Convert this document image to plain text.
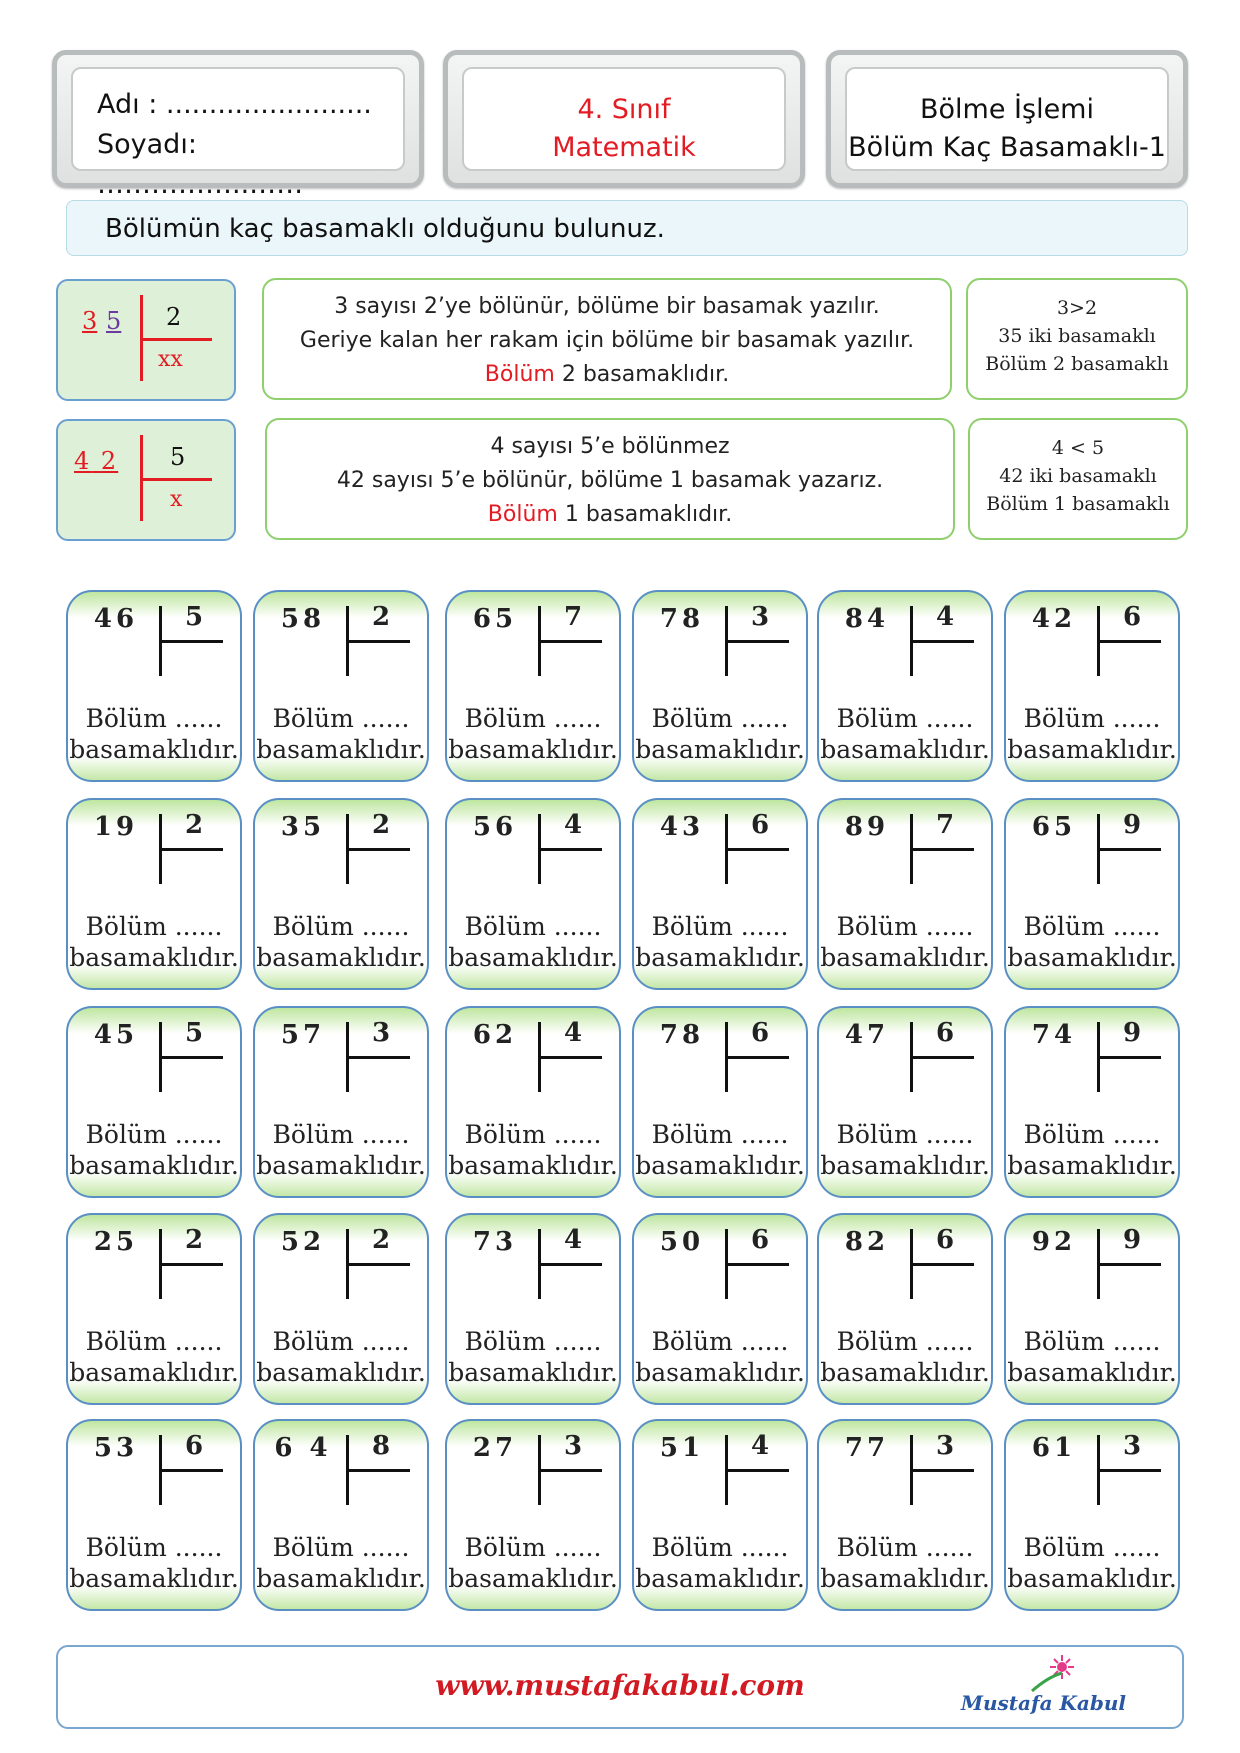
Adı : ........................
Soyadı: ……………..……
4. Sınıf
Matematik
Bölme İşlemi
Bölüm Kaç Basamaklı-1
Bölümün kaç basamaklı olduğunu bulunuz.
3 5 2
xx
3 sayısı 2’ye bölünür, bölüme bir basamak yazılır.
Geriye kalan her rakam için bölüme bir basamak yazılır.
Bölüm 2 basamaklıdır.
3>2
35 iki basamaklı
Bölüm 2 basamaklı
4 2 5
x
4 sayısı 5’e bölünmez
42 sayısı 5’e bölünür, bölüme 1 basamak yazarız.
Bölüm 1 basamaklıdır.
4 < 5
42 iki basamaklı
Bölüm 1 basamaklı
46	5
Bölüm ......
basamaklıdır.
58	2
Bölüm ......
basamaklıdır.
65	7
Bölüm ......
basamaklıdır.
78	3
Bölüm ......
basamaklıdır.
84	4
Bölüm ......
basamaklıdır.
42	6
Bölüm ......
basamaklıdır.
19	2
Bölüm ......
basamaklıdır.
35	2
Bölüm ......
basamaklıdır.
56	4
Bölüm ......
basamaklıdır.
43	6
Bölüm ......
basamaklıdır.
89	7
Bölüm ......
basamaklıdır.
65	9
Bölüm ......
basamaklıdır.
45	5
Bölüm ......
basamaklıdır.
57	3
Bölüm ......
basamaklıdır.
62	4
Bölüm ......
basamaklıdır.
78	6
Bölüm ......
basamaklıdır.
47	6
Bölüm ......
basamaklıdır.
74	9
Bölüm ......
basamaklıdır.
25	2
Bölüm ......
basamaklıdır.
52	2
Bölüm ......
basamaklıdır.
73	4
Bölüm ......
basamaklıdır.
50	6
Bölüm ......
basamaklıdır.
82	6
Bölüm ......
basamaklıdır.
92	9
Bölüm ......
basamaklıdır.
53	6
Bölüm ......
basamaklıdır.
6 4	8
Bölüm ......
basamaklıdır.
27	3
Bölüm ......
basamaklıdır.
51	4
Bölüm ......
basamaklıdır.
77	3
Bölüm ......
basamaklıdır.
61	3
Bölüm ......
basamaklıdır.
www.mustafakabul.com
Mustafa Kabul
